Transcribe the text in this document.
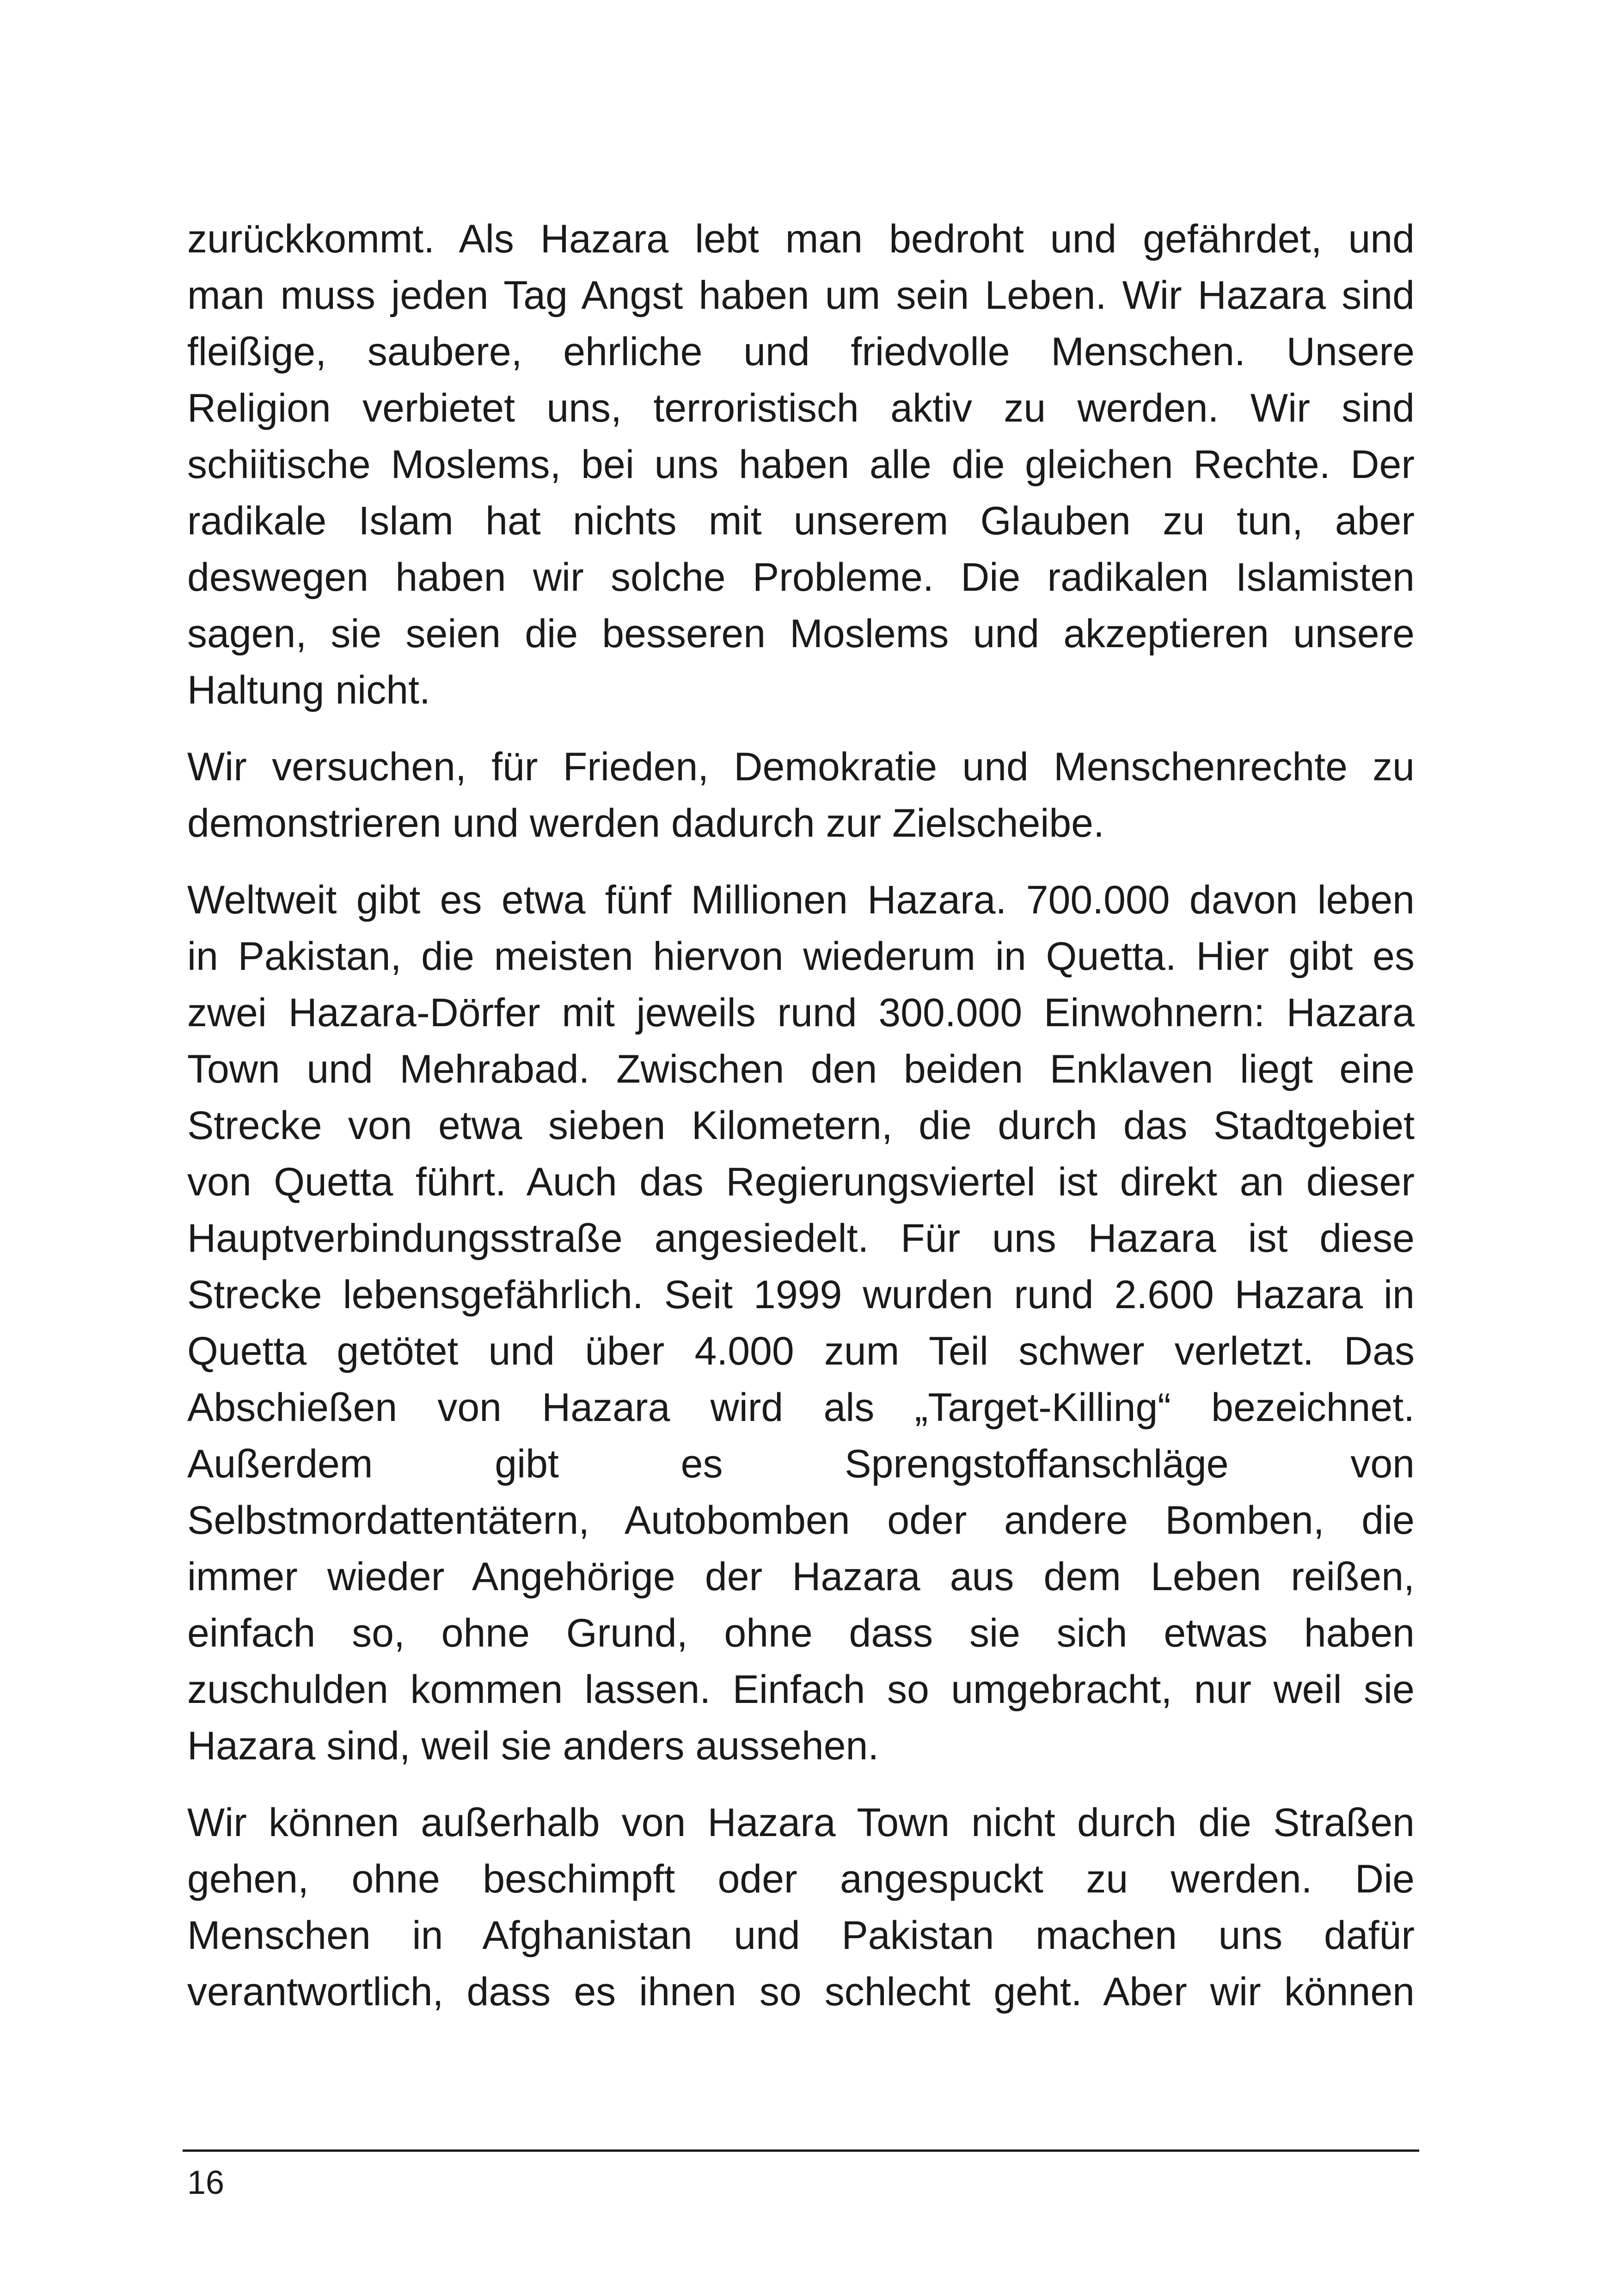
zurückkommt. Als Hazara lebt man bedroht und gefährdet, und
man muss jeden Tag Angst haben um sein Leben. Wir Hazara sind
fleißige, saubere, ehrliche und friedvolle Menschen. Unsere
Religion verbietet uns, terroristisch aktiv zu werden. Wir sind
schiitische Moslems, bei uns haben alle die gleichen Rechte. Der
radikale Islam hat nichts mit unserem Glauben zu tun, aber
deswegen haben wir solche Probleme. Die radikalen Islamisten
sagen, sie seien die besseren Moslems und akzeptieren unsere
Haltung nicht.
Wir versuchen, für Frieden, Demokratie und Menschenrechte zu
demonstrieren und werden dadurch zur Zielscheibe.
Weltweit gibt es etwa fünf Millionen Hazara. 700.000 davon leben
in Pakistan, die meisten hiervon wiederum in Quetta. Hier gibt es
zwei Hazara-Dörfer mit jeweils rund 300.000 Einwohnern: Hazara
Town und Mehrabad. Zwischen den beiden Enklaven liegt eine
Strecke von etwa sieben Kilometern, die durch das Stadtgebiet
von Quetta führt. Auch das Regierungsviertel ist direkt an dieser
Hauptverbindungsstraße angesiedelt. Für uns Hazara ist diese
Strecke lebensgefährlich. Seit 1999 wurden rund 2.600 Hazara in
Quetta getötet und über 4.000 zum Teil schwer verletzt. Das
Abschießen von Hazara wird als „Target-Killing“ bezeichnet.
Außerdem gibt es Sprengstoffanschläge von
Selbstmordattentätern, Autobomben oder andere Bomben, die
immer wieder Angehörige der Hazara aus dem Leben reißen,
einfach so, ohne Grund, ohne dass sie sich etwas haben
zuschulden kommen lassen. Einfach so umgebracht, nur weil sie
Hazara sind, weil sie anders aussehen.
Wir können außerhalb von Hazara Town nicht durch die Straßen
gehen, ohne beschimpft oder angespuckt zu werden. Die
Menschen in Afghanistan und Pakistan machen uns dafür
verantwortlich, dass es ihnen so schlecht geht. Aber wir können
16
